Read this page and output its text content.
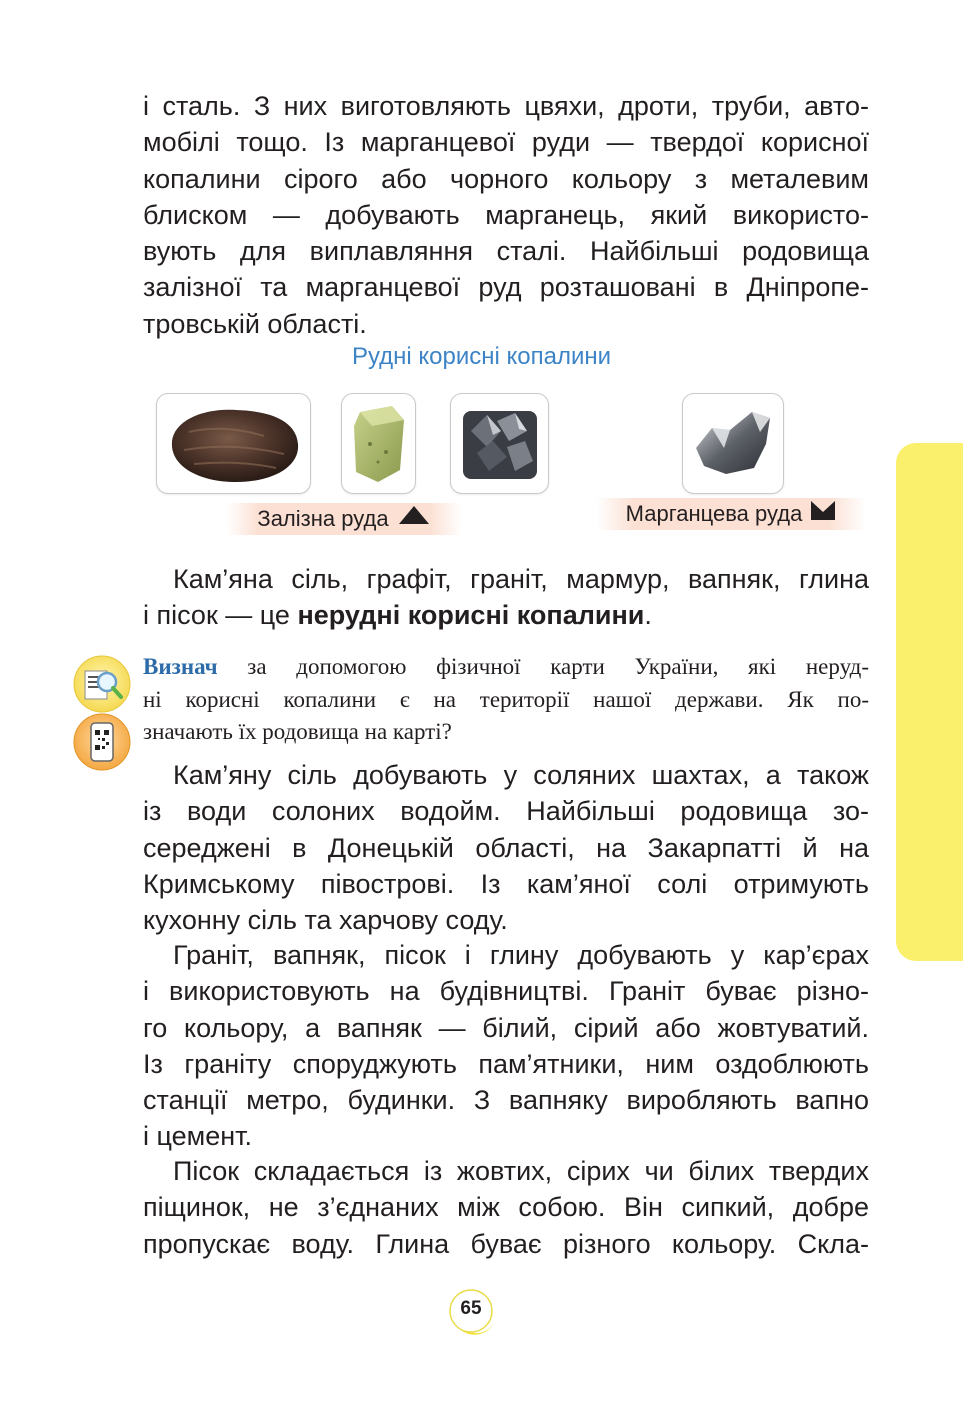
і сталь. З них виготовляють цвяхи, дроти, труби, авто-
мобілі тощо. Із марганцевої руди — твердої корисної
копалини сірого або чорного кольору з металевим
блиском — добувають марганець, який використо-
вують для виплавляння сталі. Найбільші родовища
залізної та марганцевої руд розташовані в Дніпропе-
тровській області.
Рудні корисні копалини
Залізна руда	Марганцева руда
Кам’яна сіль, графіт, граніт, мармур, вапняк, глина
і пісок — це нерудні корисні копалини.
Визнач за допомогою фізичної карти України, які неруд-
ні корисні копалини є на території нашої держави. Як по-
значають їх родовища на карті?
Кам’яну сіль добувають у соляних шахтах, а також
із води солоних водойм. Найбільші родовища зо-
середжені в Донецькій області, на Закарпатті й на
Кримському півострові. Із кам’яної солі отримують
кухонну сіль та харчову соду.
Граніт, вапняк, пісок і глину добувають у кар’єрах
і використовують на будівництві. Граніт буває різно-
го кольору, а вапняк — білий, сірий або жовтуватий.
Із граніту споруджують пам’ятники, ним оздоблюють
станції метро, будинки. З вапняку виробляють вапно
і цемент.
Пісок складається із жовтих, сірих чи білих твердих
піщинок, не з’єднаних між собою. Він сипкий, добре
пропускає воду. Глина буває різного кольору. Скла-
65
